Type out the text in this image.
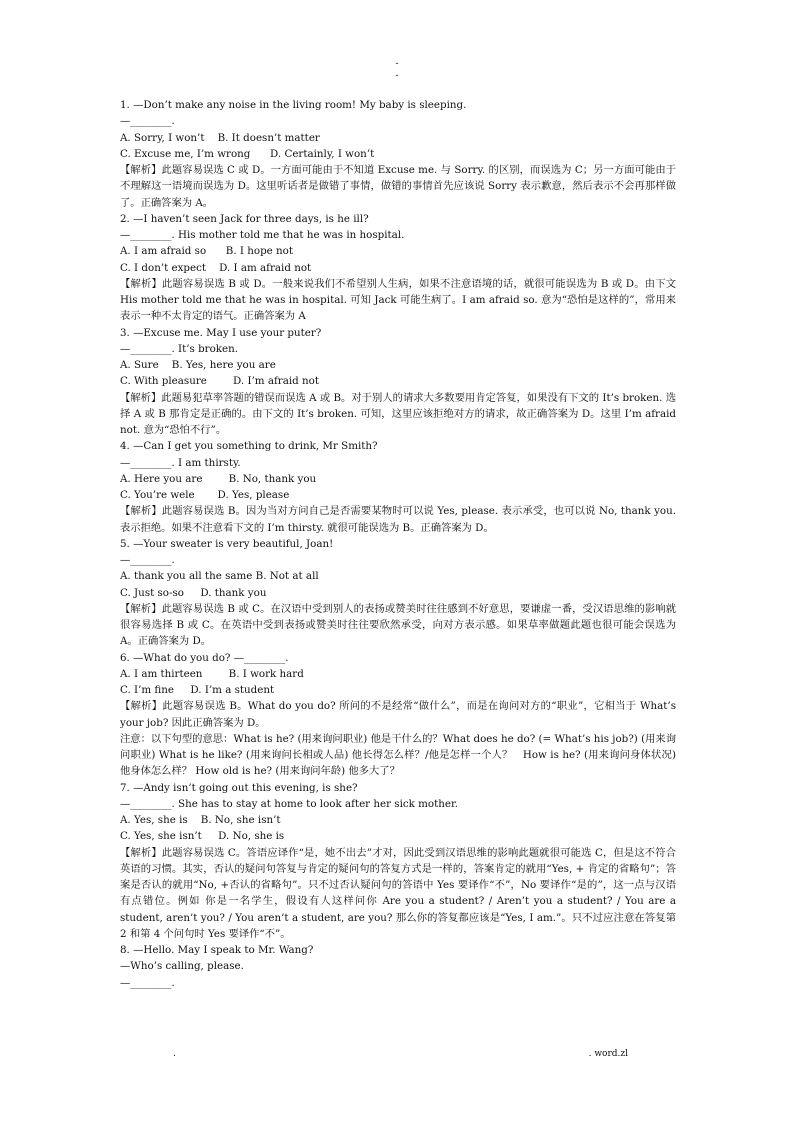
-
-

1. —Don’t make any noise in the living room! My baby is sleeping.

—________.

A. Sorry, I won’t    B. It doesn’t matter

C. Excuse me, I’m wrong      D. Certainly, I won’t

【解析】此题容易误选 C 或 D。一方面可能由于不知道 Excuse me. 与 Sorry. 的区别，而误选为 C；另一方面可能由于不理解这一语境而误选为 D。这里听话者是做错了事情，做错的事情首先应该说 Sorry 表示歉意，然后表示不会再那样做了。正确答案为 A。

2. —I haven’t seen Jack for three days, is he ill?

—________. His mother told me that he was in hospital.

A. I am afraid so      B. I hope not

C. I don’t expect    D. I am afraid not

【解析】此题容易误选 B 或 D。一般来说我们不希望别人生病，如果不注意语境的话，就很可能误选为 B 或 D。由下文 His mother told me that he was in hospital. 可知 Jack 可能生病了。I am afraid so. 意为“恐怕是这样的”，常用来表示一种不太肯定的语气。正确答案为 A

3. —Excuse me. May I use your puter?

—________. It’s broken.

A. Sure    B. Yes, here you are

C. With pleasure        D. I’m afraid not

【解析】此题易犯草率答题的错误而误选 A 或 B。对于别人的请求大多数要用肯定答复，如果没有下文的 It’s broken. 选择 A 或 B 那肯定是正确的。由下文的 It’s broken. 可知，这里应该拒绝对方的请求，故正确答案为 D。这里 I’m afraid not. 意为“恐怕不行”。

4. —Can I get you something to drink, Mr Smith?

—________. I am thirsty.

A. Here you are        B. No, thank you

C. You’re wele       D. Yes, please

【解析】此题容易误选 B。因为当对方问自己是否需要某物时可以说 Yes, please. 表示承受，也可以说 No, thank you. 表示拒绝。如果不注意看下文的 I’m thirsty. 就很可能误选为 B。正确答案为 D。

5. —Your sweater is very beautiful, Joan!

—________.

A. thank you all the same B. Not at all

C. Just so-so     D. thank you

【解析】此题容易误选 B 或 C。在汉语中受到别人的表扬或赞美时往往感到不好意思，要谦虚一番，受汉语思维的影响就很容易选择 B 或 C。在英语中受到表扬或赞美时往往要欣然承受，向对方表示感。如果草率做题此题也很可能会误选为 A。正确答案为 D。

6. —What do you do? —________.

A. I am thirteen        B. I work hard

C. I’m fine     D. I’m a student

【解析】此题容易误选 B。What do you do? 所问的不是经常“做什么”，而是在询问对方的“职业”，它相当于 What’s your job? 因此正确答案为 D。

注意：以下句型的意思：What is he? (用来询问职业) 他是干什么的？What does he do? (= What’s his job?) (用来询问职业) What is he like? (用来询问长相或人品) 他长得怎么样？/他是怎样一个人？   How is he? (用来询问身体状况) 他身体怎么样？ How old is he? (用来询问年龄) 他多大了？

7. —Andy isn’t going out this evening, is she?

—________. She has to stay at home to look after her sick mother.

A. Yes, she is    B. No, she isn’t

C. Yes, she isn’t     D. No, she is

【解析】此题容易误选 C。答语应译作“是，她不出去”才对，因此受到汉语思维的影响此题就很可能选 C，但是这不符合英语的习惯。其实，否认的疑问句答复与肯定的疑问句的答复方式是一样的，答案肯定的就用“Yes, + 肯定的省略句”；答案是否认的就用“No, +否认的省略句”。只不过否认疑问句的答语中 Yes 要译作“不”，No 要译作“是的”，这一点与汉语有点错位。例如 你是一名学生，假设有人这样问你 Are you a student? / Aren’t you a student? / You are a student, aren’t you? / You aren’t a student, are you? 那么你的答复都应该是“Yes, I am.”。只不过应注意在答复第 2 和第 4 个问句时 Yes 要译作“不”。

8. —Hello. May I speak to Mr. Wang?

—Who’s calling, please.

—________.

.	. word.zl
